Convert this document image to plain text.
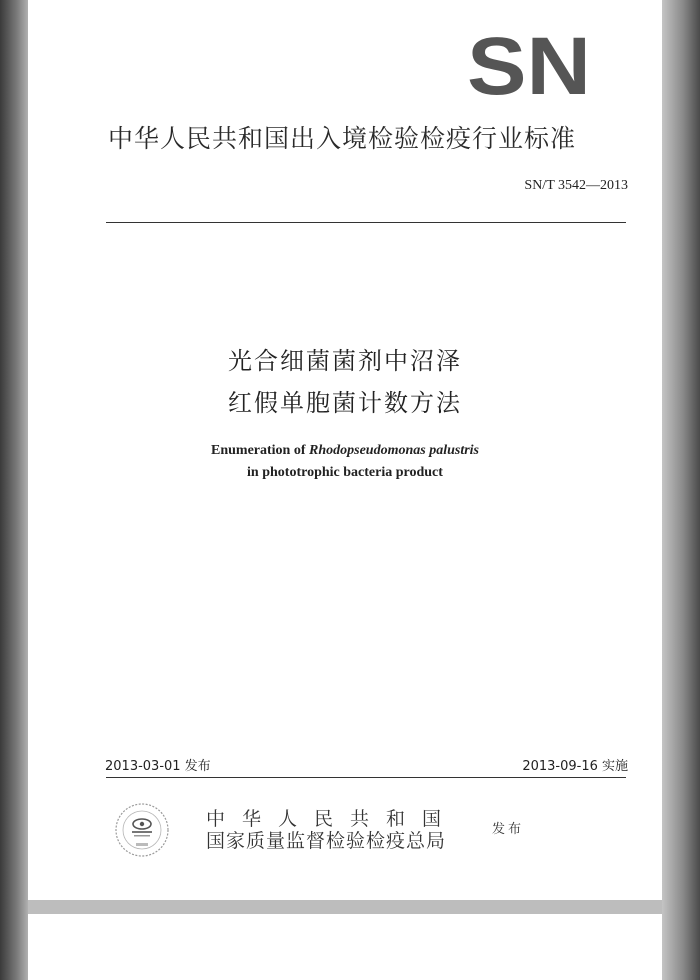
SN
中华人民共和国出入境检验检疫行业标准
SN/T 3542—2013
光合细菌菌剂中沼泽
红假单胞菌计数方法
Enumeration of Rhodopseudomonas palustris
in phototrophic bacteria product
2013-03-01 发布	2013-09-16 实施
中华人民共和国
国家质量监督检验检疫总局
发布
